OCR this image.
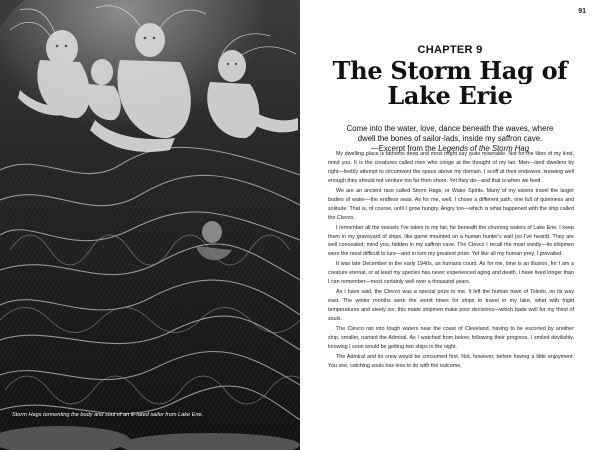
Storm Hags tormenting the body and soul of an ill-fated sailor from Lake Erie.
91
CHAPTER 9
The Storm Hag of
Lake Erie
Come into the water, love, dance beneath the waves, where dwell the bones of sailor-lads, inside my saffron cave.
—Excerpt from the Legends of the Storm Hag

My dwelling place is fathoms deep and most might say quite miserable. Not for the likes of my kind, mind you. It is the creatures called men who cringe at the thought of my lair. Men—land dwellers by right—feebly attempt to circumvent the space above my domain. I scoff at their endeavor, knowing well enough they should not venture too far from shore. Yet they do—and that is when we feed.

We are an ancient race called Storm Hags, or Water Spirits. Many of my sisters travel the larger bodies of water—the endless seas. As for me, well, I chose a different path, one full of quietness and solitude. That is, of course, until I grow hungry. Angry too—which is what happened with the ship called the Clevco.

I remember all the vessels I've taken to my lair, far beneath the churning waters of Lake Erie. I keep them in my graveyard of ships, like game mounted on a human hunter's wall (so I've heard). They are well concealed, mind you, hidden in my saffron cave. The Clevco I recall the most vividly—its shipmen were the most difficult to lure—and in turn my greatest prize. Yet like all my human prey, I prevailed.

It was late December in the early 1940s, as humans count. As for me, time is an illusion, for I am a creature eternal, or at least my species has never experienced aging and death. I have lived longer than I can remember—most certainly well over a thousand years.

As I have said, the Clevco was a special prize to me. It left the human town of Toledo, on its way east. The winter months were the worst times for ships to travel in my lake, what with frigid temperatures and steely ice; this made shipmen make poor decisions—which bade well for my thirst of souls.

The Clevco ran into tough waters near the coast of Cleveland, having to be escorted by another ship, smaller, named the Admiral. As I watched from below, following their progress, I smiled devilishly, knowing I soon would be getting two ships in the night.

The Admiral and its crew would be consumed first. Not, however, before having a little enjoyment. You see, catching souls has less to do with the outcome,
